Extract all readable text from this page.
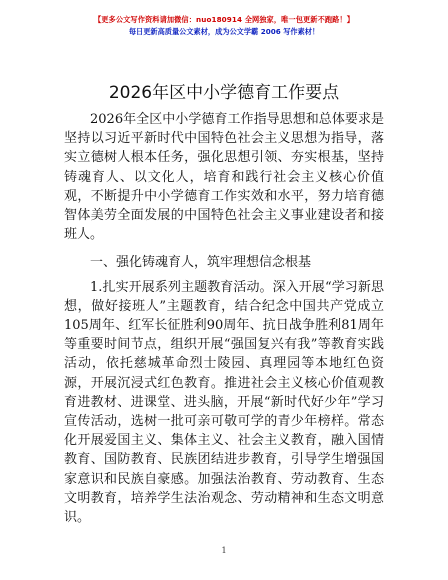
【更多公文写作资料请加微信：nuo180914 全网独家，唯一包更新不跑路！】
每日更新高质量公文素材，成为公文学霸 2006 写作素材！
2026年区中小学德育工作要点

2026年全区中小学德育工作指导思想和总体要求是坚持以习近平新时代中国特色社会主义思想为指导，落实立德树人根本任务，强化思想引领、夯实根基，坚持铸魂育人、以文化人，培育和践行社会主义核心价值观，不断提升中小学德育工作实效和水平，努力培育德智体美劳全面发展的中国特色社会主义事业建设者和接班人。

一、强化铸魂育人，筑牢理想信念根基

1.扎实开展系列主题教育活动。深入开展“学习新思想，做好接班人”主题教育，结合纪念中国共产党成立105周年、红军长征胜利90周年、抗日战争胜利81周年等重要时间节点，组织开展“强国复兴有我”等教育实践活动，依托慈城革命烈士陵园、真理园等本地红色资源，开展沉浸式红色教育。推进社会主义核心价值观教育进教材、进课堂、进头脑，开展“新时代好少年”学习宣传活动，选树一批可亲可敬可学的青少年榜样。常态化开展爱国主义、集体主义、社会主义教育，融入国情教育、国防教育、民族团结进步教育，引导学生增强国家意识和民族自豪感。加强法治教育、劳动教育、生态文明教育，培养学生法治观念、劳动精神和生态文明意识。

1
